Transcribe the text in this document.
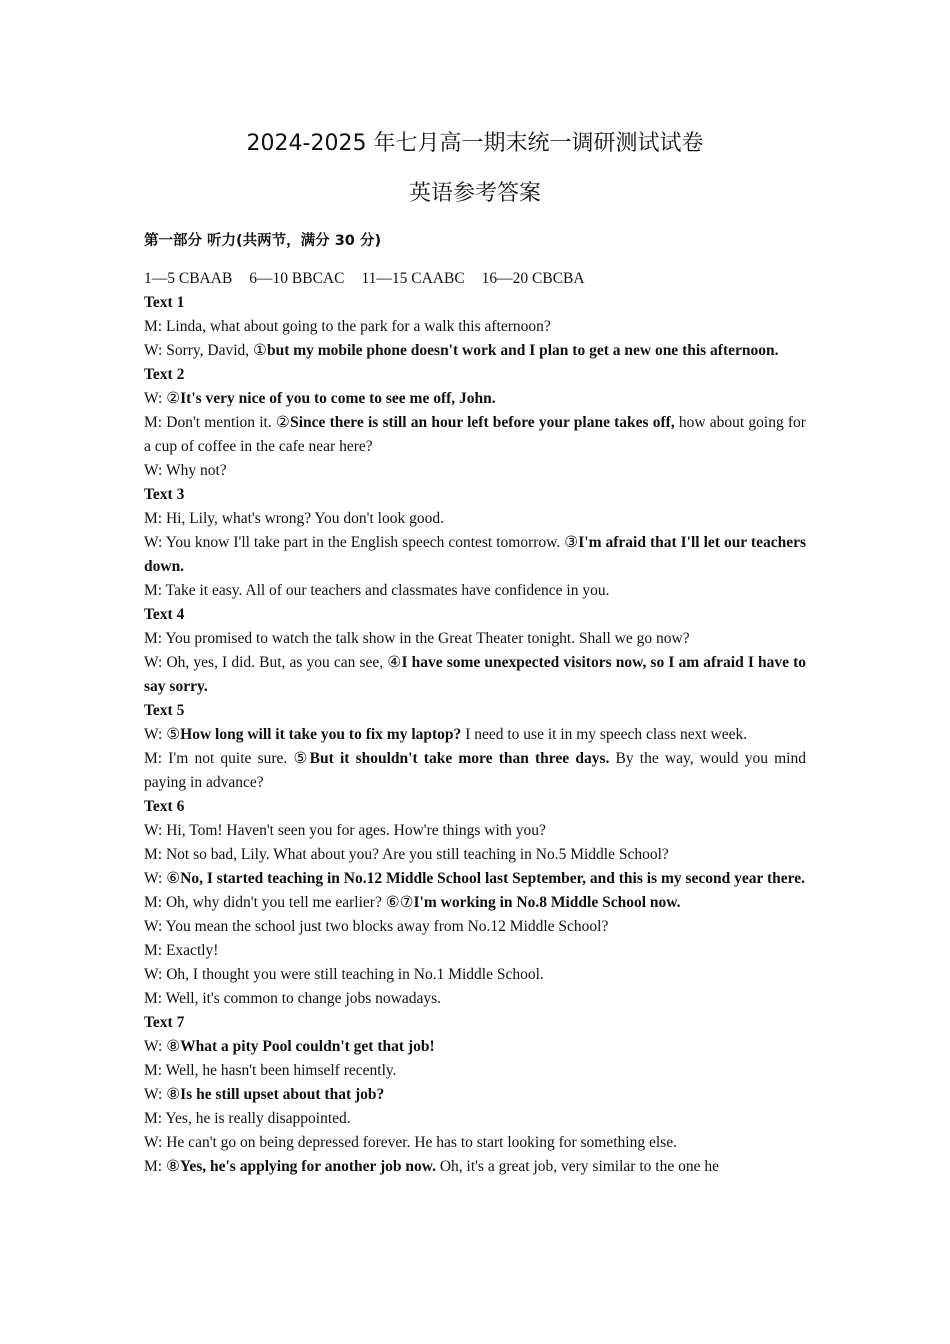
2024-2025 年七月高一期末统一调研测试试卷
英语参考答案
第一部分 听力(共两节，满分 30 分)
1—5 CBAAB 6—10 BBCAC 11—15 CAABC 16—20 CBCBA
Text 1
M: Linda, what about going to the park for a walk this afternoon?
W: Sorry, David, ①but my mobile phone doesn't work and I plan to get a new one this afternoon.
Text 2
W: ②It's very nice of you to come to see me off, John.
M: Don't mention it. ②Since there is still an hour left before your plane takes off, how about going for a cup of coffee in the cafe near here?
W: Why not?
Text 3
M: Hi, Lily, what's wrong? You don't look good.
W: You know I'll take part in the English speech contest tomorrow. ③I'm afraid that I'll let our teachers down.
M: Take it easy. All of our teachers and classmates have confidence in you.
Text 4
M: You promised to watch the talk show in the Great Theater tonight. Shall we go now?
W: Oh, yes, I did. But, as you can see, ④I have some unexpected visitors now, so I am afraid I have to say sorry.
Text 5
W: ⑤How long will it take you to fix my laptop? I need to use it in my speech class next week.
M: I'm not quite sure. ⑤But it shouldn't take more than three days. By the way, would you mind paying in advance?
Text 6
W: Hi, Tom! Haven't seen you for ages. How're things with you?
M: Not so bad, Lily. What about you? Are you still teaching in No.5 Middle School?
W: ⑥No, I started teaching in No.12 Middle School last September, and this is my second year there.
M: Oh, why didn't you tell me earlier? ⑥⑦I'm working in No.8 Middle School now.
W: You mean the school just two blocks away from No.12 Middle School?
M: Exactly!
W: Oh, I thought you were still teaching in No.1 Middle School.
M: Well, it's common to change jobs nowadays.
Text 7
W: ⑧What a pity Pool couldn't get that job!
M: Well, he hasn't been himself recently.
W: ⑧Is he still upset about that job?
M: Yes, he is really disappointed.
W: He can't go on being depressed forever. He has to start looking for something else.
M: ⑧Yes, he's applying for another job now. Oh, it's a great job, very similar to the one he
